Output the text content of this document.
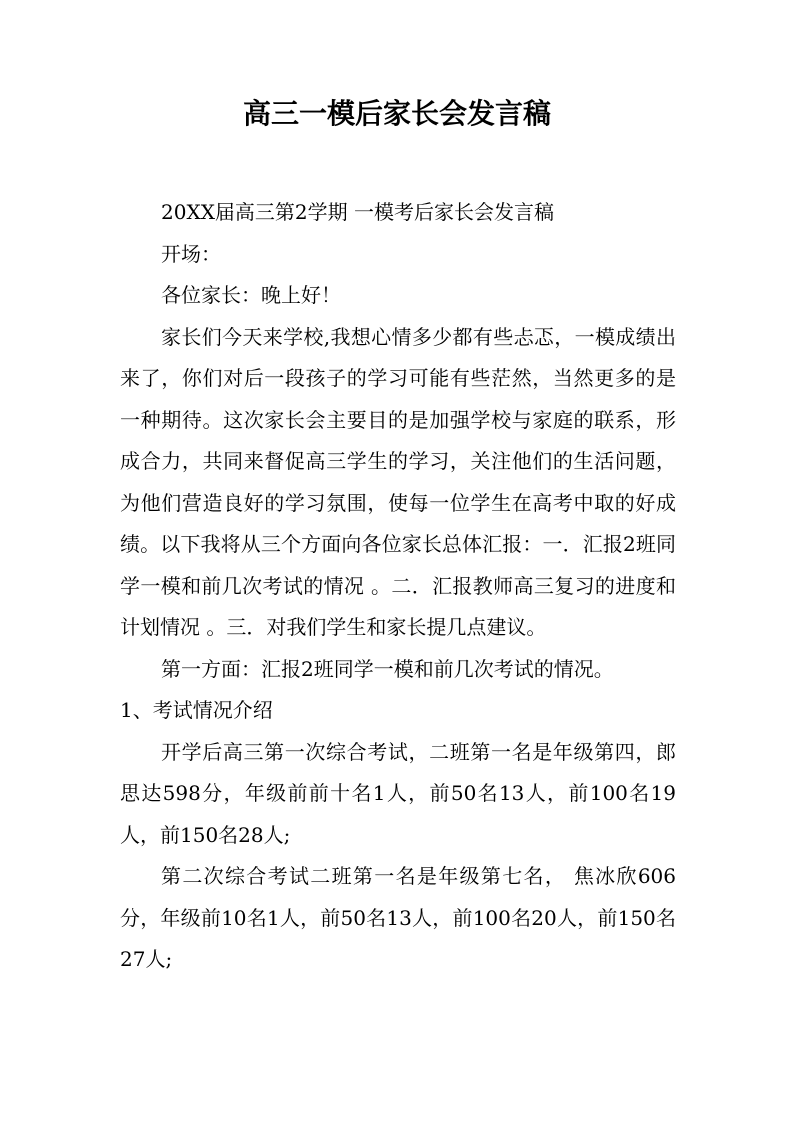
高三一模后家长会发言稿

20XX届高三第2学期 一模考后家长会发言稿

开场：

各位家长：晚上好！

家长们今天来学校,我想心情多少都有些忐忑，一模成绩出来了，你们对后一段孩子的学习可能有些茫然，当然更多的是一种期待。这次家长会主要目的是加强学校与家庭的联系，形成合力，共同来督促高三学生的学习，关注他们的生活问题，为他们营造良好的学习氛围，使每一位学生在高考中取的好成绩。以下我将从三个方面向各位家长总体汇报：一．汇报2班同学一模和前几次考试的情况 。二．汇报教师高三复习的进度和计划情况 。三．对我们学生和家长提几点建议。

第一方面：汇报2班同学一模和前几次考试的情况。

1、考试情况介绍

开学后高三第一次综合考试，二班第一名是年级第四，郎思达598分，年级前前十名1人，前50名13人，前100名19人，前150名28人;

第二次综合考试二班第一名是年级第七名， 焦冰欣606分，年级前10名1人，前50名13人，前100名20人，前150名27人;
